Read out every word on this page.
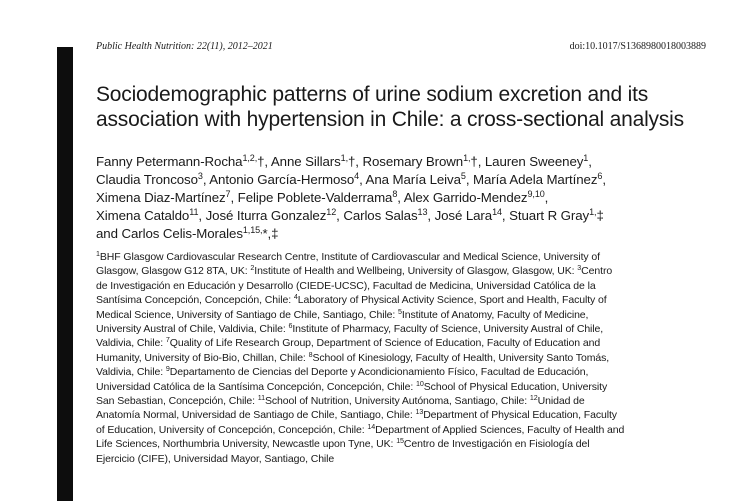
Public Health Nutrition: 22(11), 2012–2021	doi:10.1017/S1368980018003889
Sociodemographic patterns of urine sodium excretion and its
association with hypertension in Chile: a cross-sectional analysis
Fanny Petermann-Rocha$^{1,2,}$†, Anne Sillars$^{1,}$†, Rosemary Brown$^{1,}$†, Lauren Sweeney$^1$,
Claudia Troncoso$^3$, Antonio García-Hermoso$^4$, Ana María Leiva$^5$, María Adela Martínez$^6$,
Ximena Diaz-Martínez$^7$, Felipe Poblete-Valderrama$^8$, Alex Garrido-Mendez$^{9,10}$,
Ximena Cataldo$^{11}$, José Iturra Gonzalez$^{12}$, Carlos Salas$^{13}$, José Lara$^{14}$, Stuart R Gray$^{1,}$‡
and Carlos Celis-Morales$^{1,15,}$*,‡
$^1$BHF Glasgow Cardiovascular Research Centre, Institute of Cardiovascular and Medical Science, University of
Glasgow, Glasgow G12 8TA, UK: $^2$Institute of Health and Wellbeing, University of Glasgow, Glasgow, UK: $^3$Centro
de Investigación en Educación y Desarrollo (CIEDE-UCSC), Facultad de Medicina, Universidad Católica de la
Santísima Concepción, Concepción, Chile: $^4$Laboratory of Physical Activity Science, Sport and Health, Faculty of
Medical Science, University of Santiago de Chile, Santiago, Chile: $^5$Institute of Anatomy, Faculty of Medicine,
University Austral of Chile, Valdivia, Chile: $^6$Institute of Pharmacy, Faculty of Science, University Austral of Chile,
Valdivia, Chile: $^7$Quality of Life Research Group, Department of Science of Education, Faculty of Education and
Humanity, University of Bio-Bio, Chillan, Chile: $^8$School of Kinesiology, Faculty of Health, University Santo Tomás,
Valdivia, Chile: $^9$Departamento de Ciencias del Deporte y Acondicionamiento Físico, Facultad de Educación,
Universidad Católica de la Santísima Concepción, Concepción, Chile: $^{10}$School of Physical Education, University
San Sebastian, Concepción, Chile: $^{11}$School of Nutrition, University Autónoma, Santiago, Chile: $^{12}$Unidad de
Anatomía Normal, Universidad de Santiago de Chile, Santiago, Chile: $^{13}$Department of Physical Education, Faculty
of Education, University of Concepción, Concepción, Chile: $^{14}$Department of Applied Sciences, Faculty of Health and
Life Sciences, Northumbria University, Newcastle upon Tyne, UK: $^{15}$Centro de Investigación en Fisiología del
Ejercicio (CIFE), Universidad Mayor, Santiago, Chile
